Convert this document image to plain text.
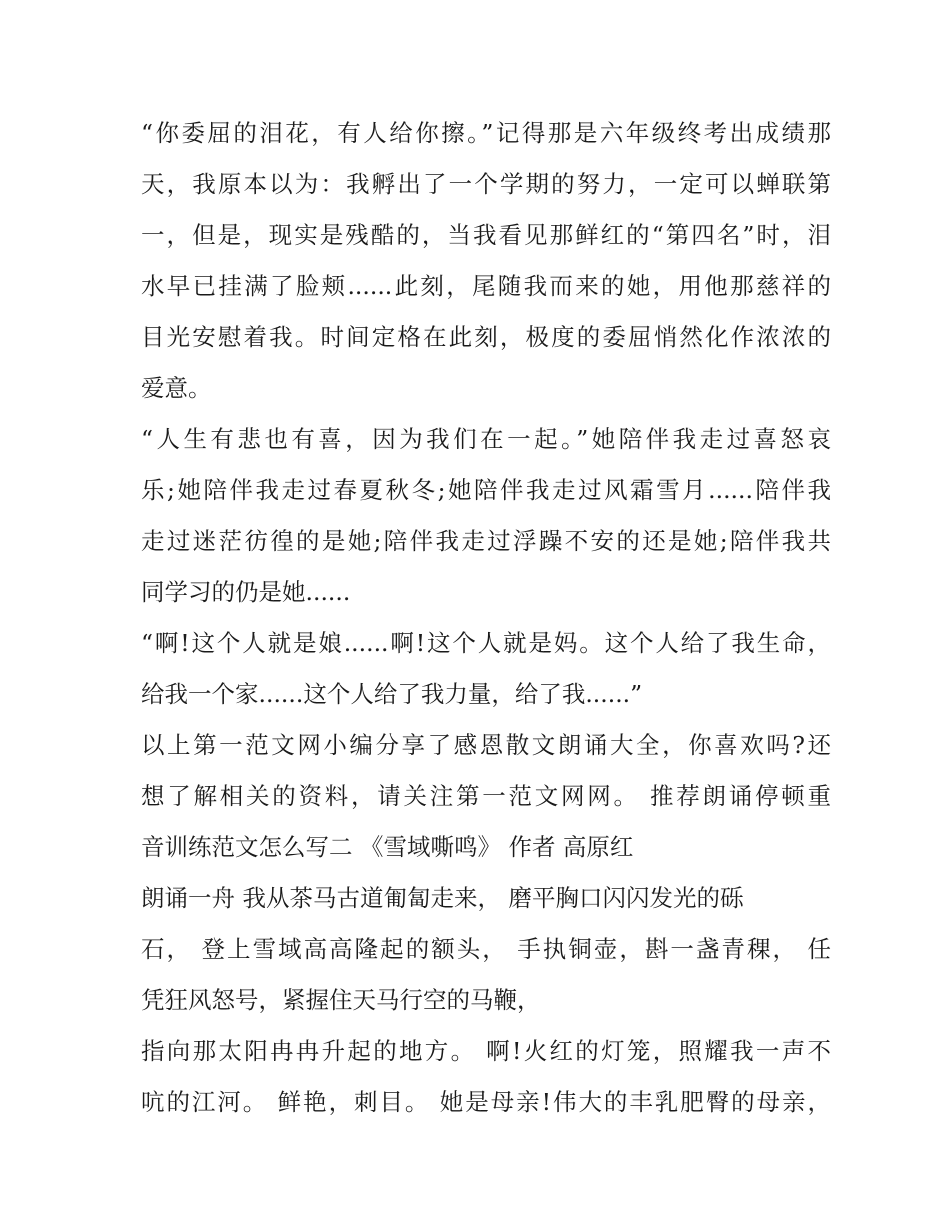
“你委屈的泪花，有人给你擦。”记得那是六年级终考出成绩那
天，我原本以为：我孵出了一个学期的努力，一定可以蝉联第
一，但是，现实是残酷的，当我看见那鲜红的“第四名”时，泪
水早已挂满了脸颊......此刻，尾随我而来的她，用他那慈祥的
目光安慰着我。时间定格在此刻，极度的委屈悄然化作浓浓的
爱意。
“人生有悲也有喜，因为我们在一起。”她陪伴我走过喜怒哀
乐;她陪伴我走过春夏秋冬;她陪伴我走过风霜雪月......陪伴我
走过迷茫彷徨的是她;陪伴我走过浮躁不安的还是她;陪伴我共
同学习的仍是她......
“啊!这个人就是娘......啊!这个人就是妈。这个人给了我生命，
给我一个家......这个人给了我力量，给了我......”
以上第一范文网小编分享了感恩散文朗诵大全，你喜欢吗?还
想了解相关的资料，请关注第一范文网网。 推荐朗诵停顿重
音训练范文怎么写二 《雪域嘶鸣》 作者 高原红
朗诵一舟 我从茶马古道匍匐走来， 磨平胸口闪闪发光的砾
石， 登上雪域高高隆起的额头， 手执铜壶，斟一盏青稞， 任
凭狂风怒号，紧握住天马行空的马鞭，
指向那太阳冉冉升起的地方。 啊!火红的灯笼，照耀我一声不
吭的江河。 鲜艳，刺目。 她是母亲!伟大的丰乳肥臀的母亲，
